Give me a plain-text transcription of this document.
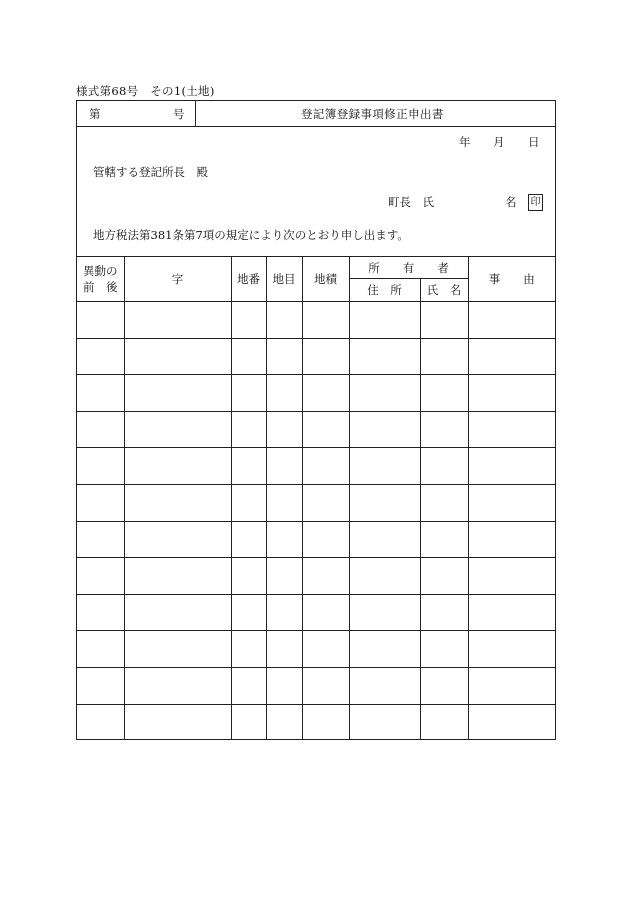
様式第68号　その1(土地)
第	号	登記簿登録事項修正申出書
年 月 日
管轄する登記所長　殿
町長　氏	名 印
地方税法第381条第7項の規定により次のとおり申し出ます。
異動の
前　後	字	地番	地目	地積	所　　有　　者		事　　由
					住　所	氏　名	
